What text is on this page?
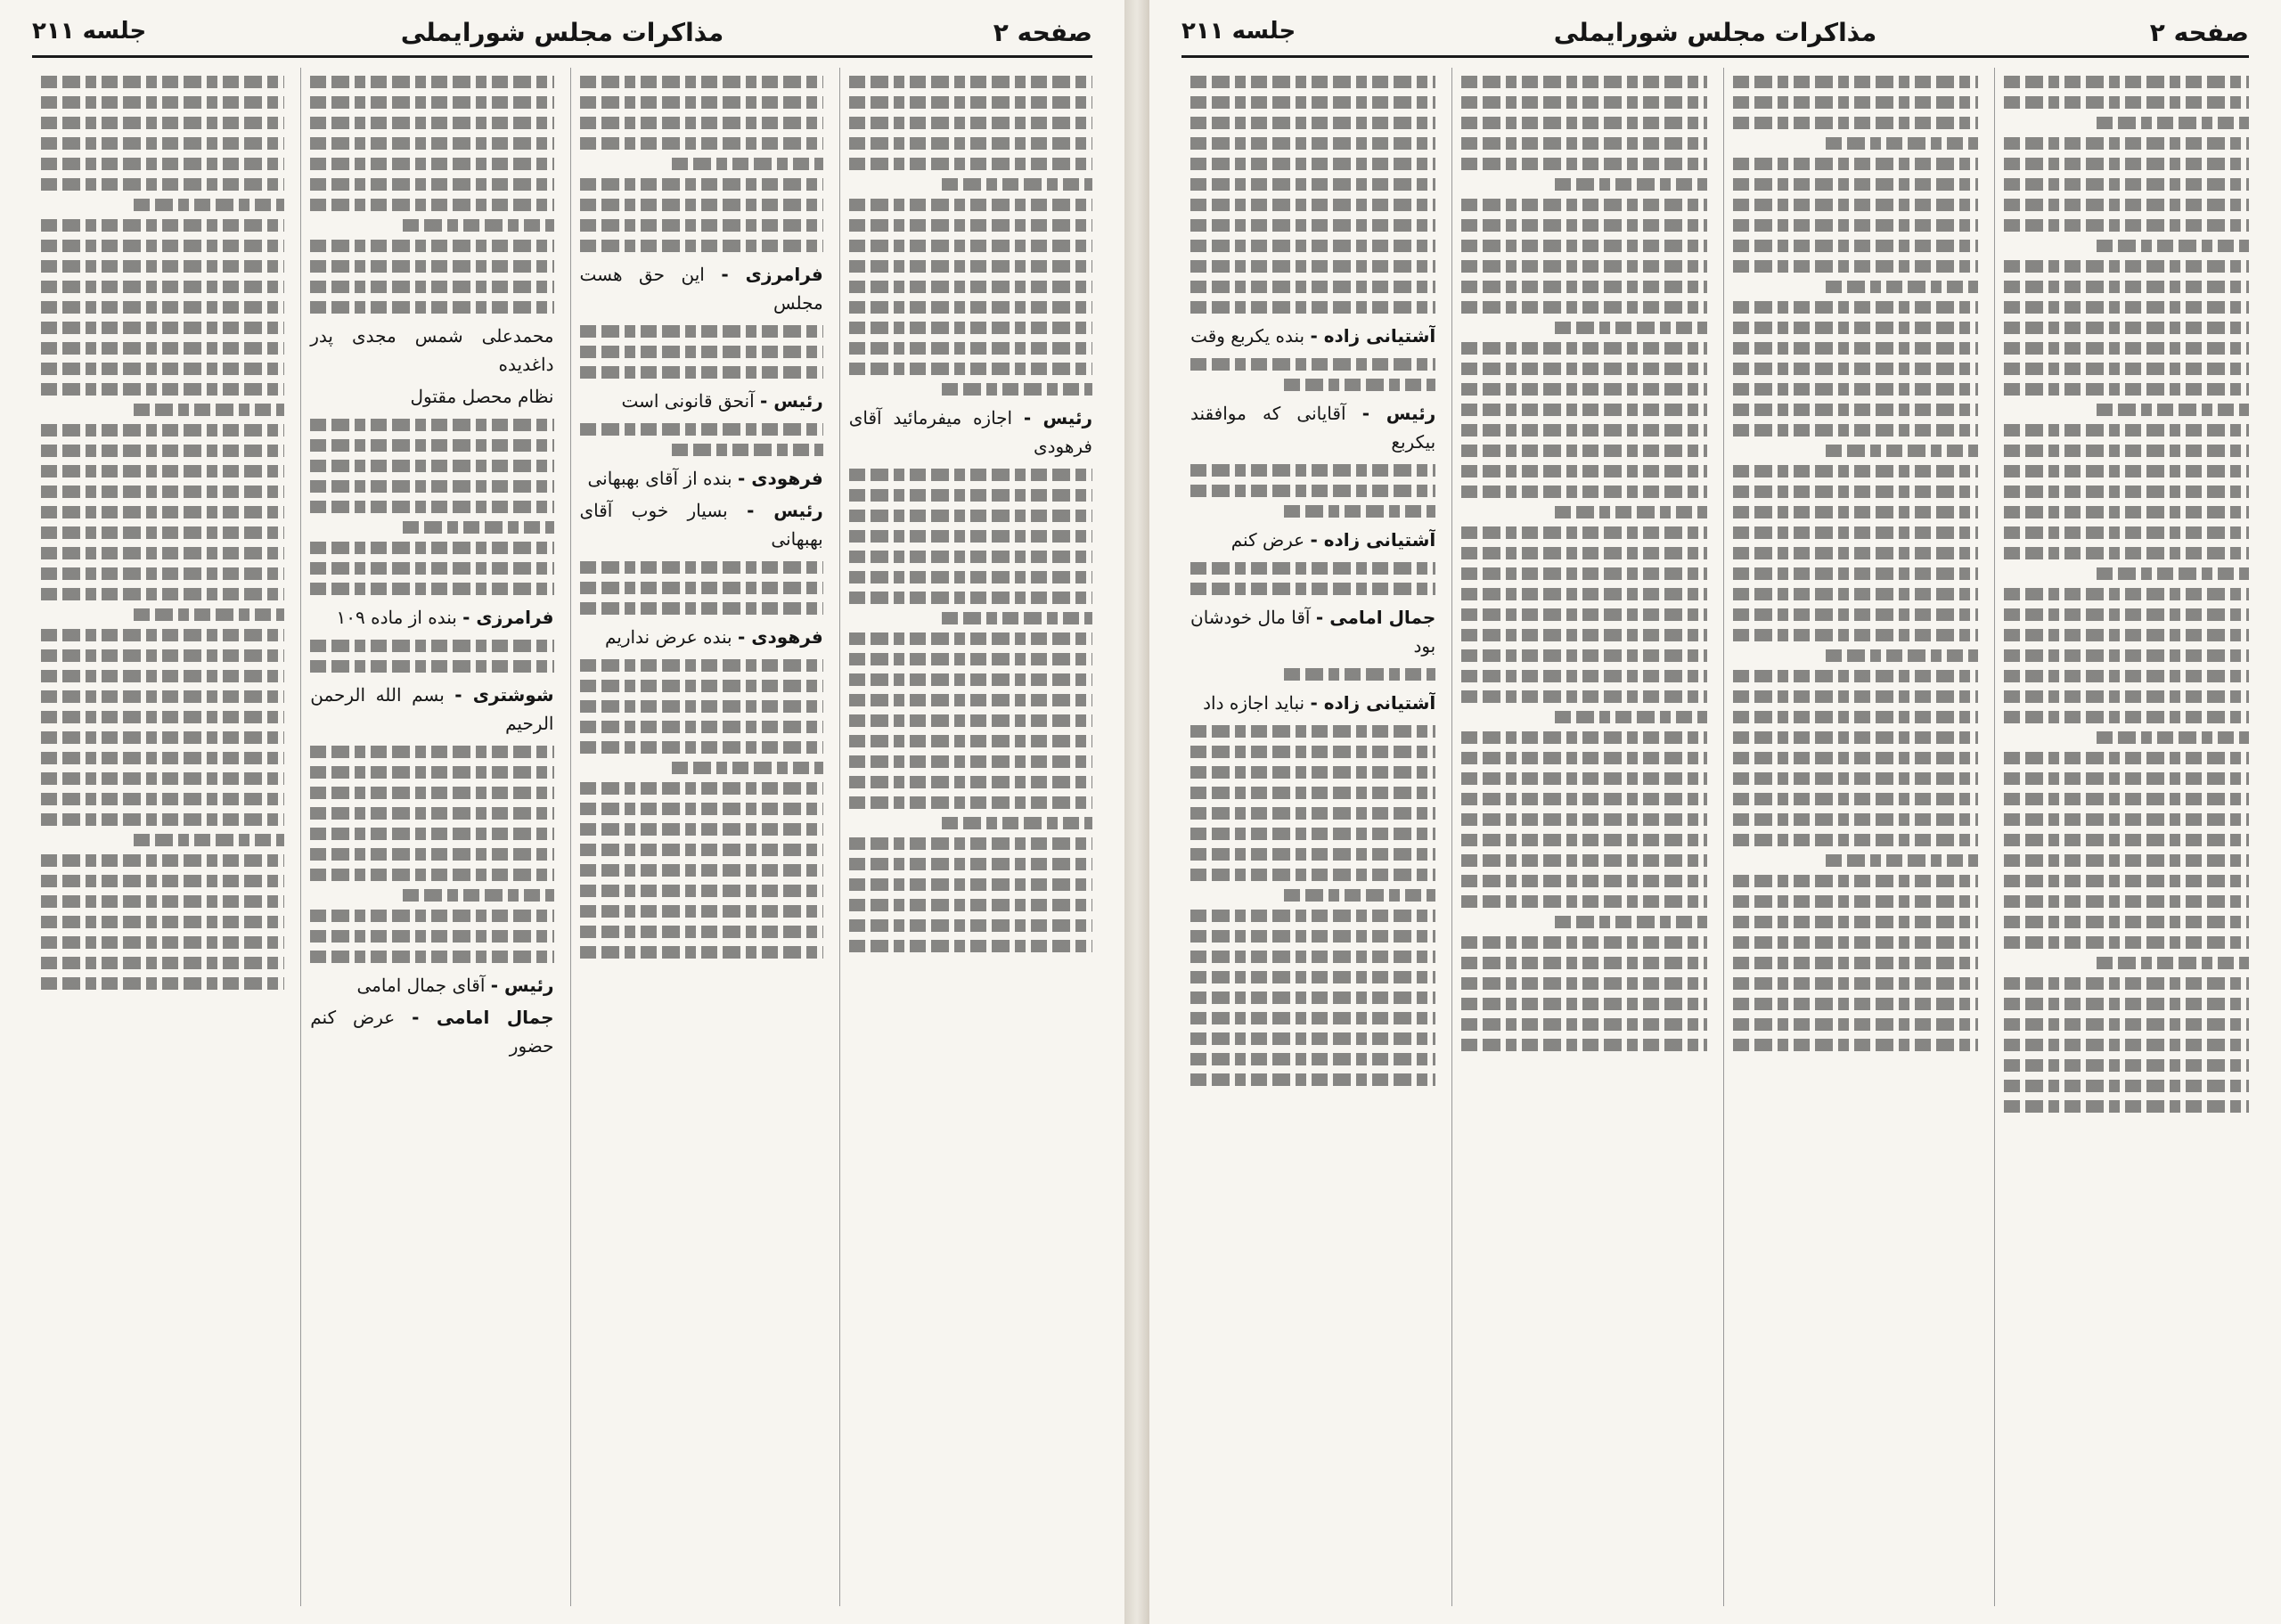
صفحه ۲
مذاکرات مجلس شورایملی
جلسه ۲۱۱

آشتیانی زاده - بنده یکربع وقت

رئیس - آقایانی که موافقند بیکربع

آشتیانی زاده - عرض کنم

جمال امامی - آقا مال خودشان بود

آشتیانی زاده - نباید اجازه داد

صفحه ۲
مذاکرات مجلس شورایملی
جلسه ۲۱۱

رئیس - اجازه میفرمائید آقای فرهودی

فرامرزی - این حق هست مجلس

رئیس - آنحق قانونی است

فرهودی - بنده از آقای بهبهانی

رئیس - بسیار خوب آقای بهبهانی

فرهودی - بنده عرض نداریم

محمدعلی شمس مجدی پدر داغدیده

نظام محصل مقتول

فرامرزی - بنده از ماده ۱۰۹

شوشتری - بسم الله الرحمن الرحیم

رئیس - آقای جمال امامی

جمال امامی - عرض کنم حضور
